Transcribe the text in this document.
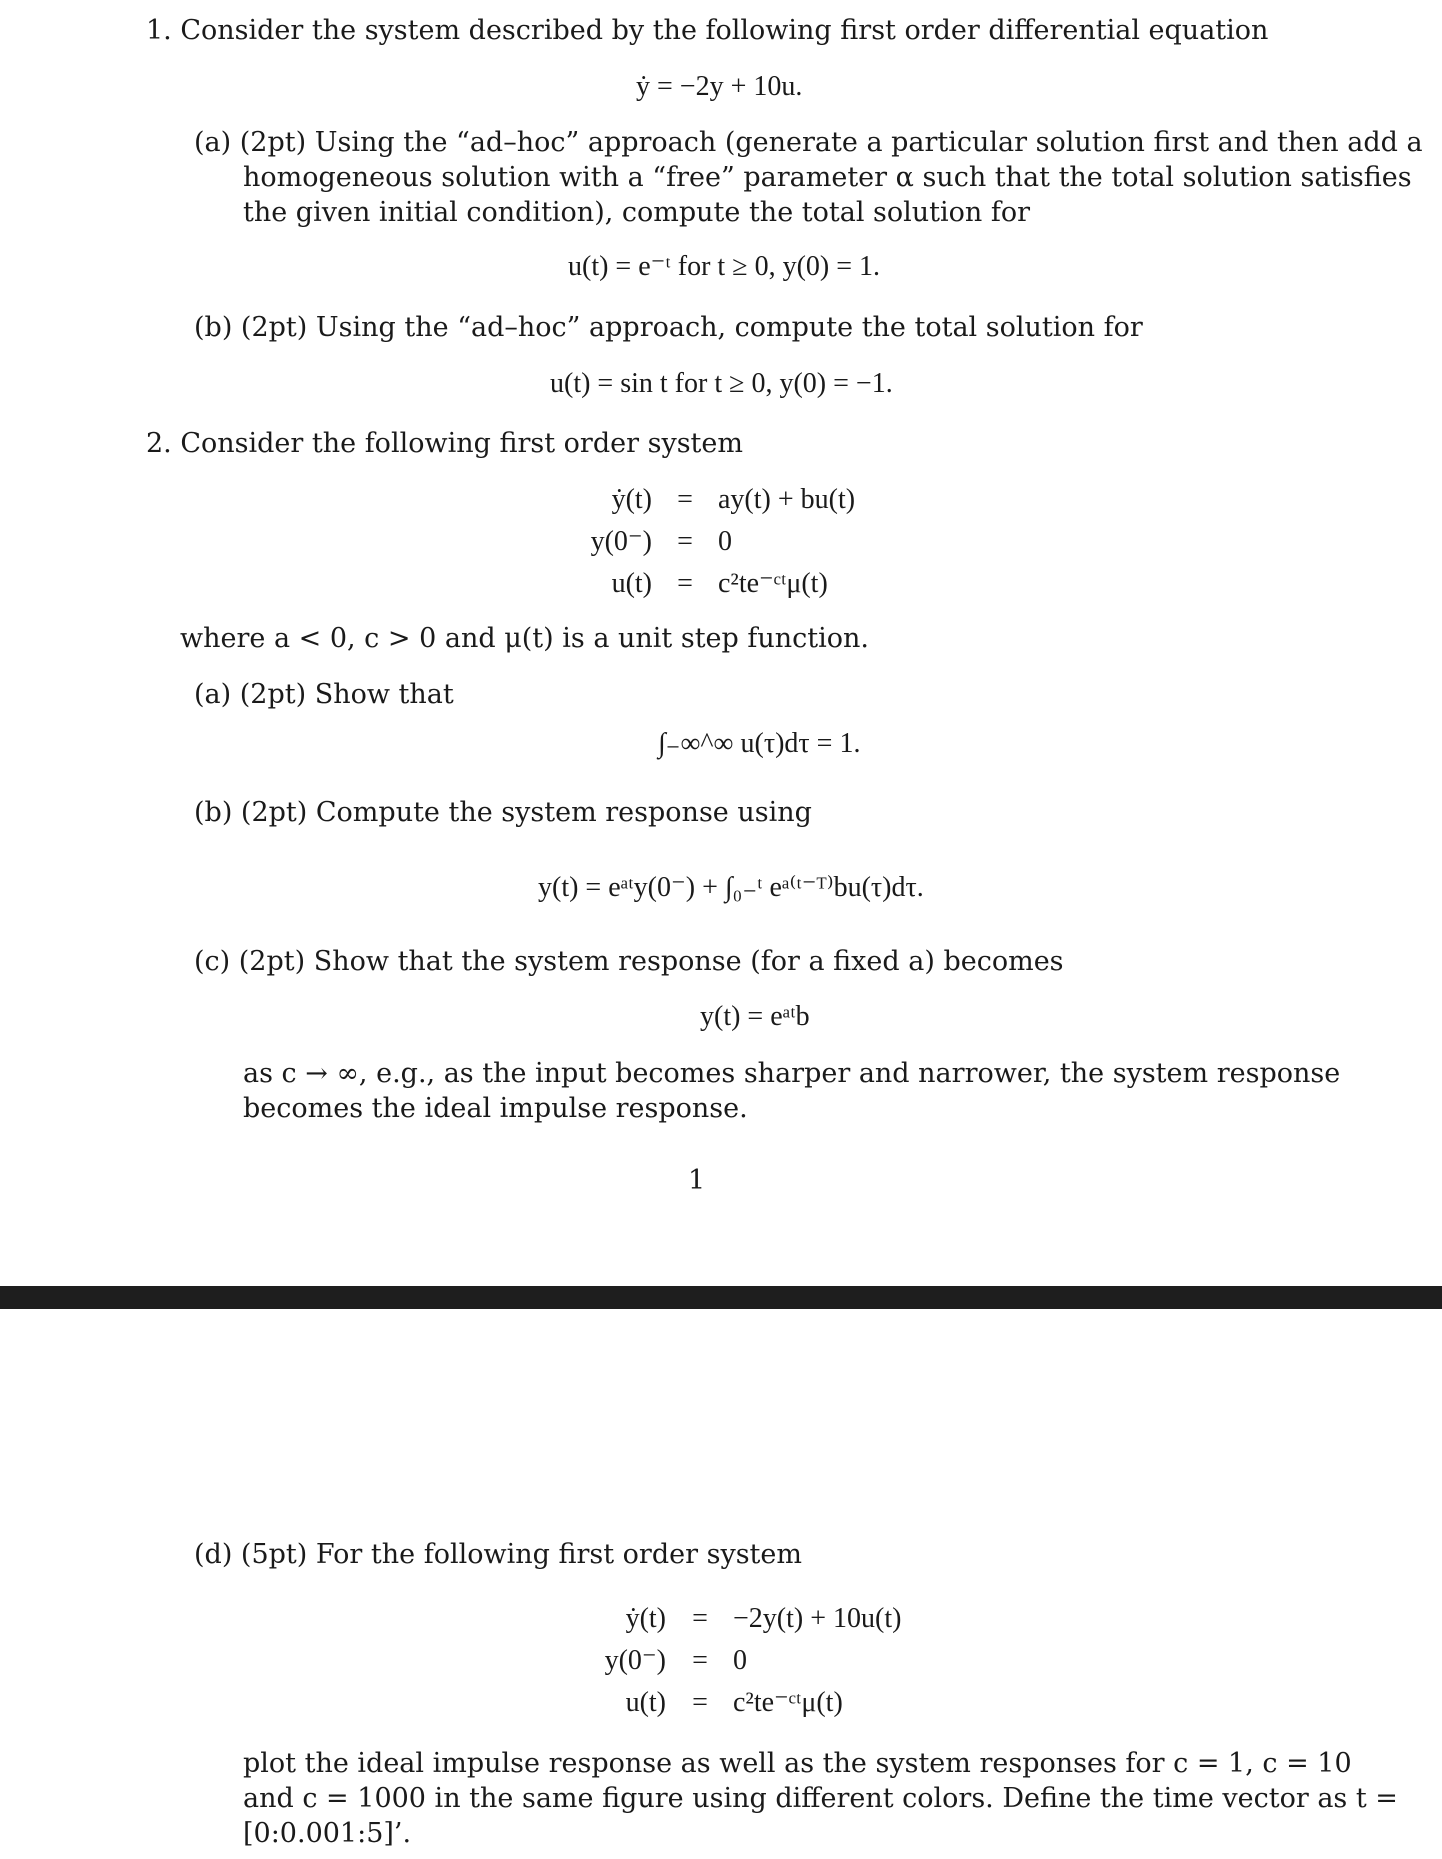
1. Consider the system described by the following first order differential equation
ẏ = −2y + 10u.
(a) (2pt) Using the “ad–hoc” approach (generate a particular solution first and then add a
homogeneous solution with a “free” parameter α such that the total solution satisfies
the given initial condition), compute the total solution for
u(t) = e⁻ᵗ for t ≥ 0, y(0) = 1.
(b) (2pt) Using the “ad–hoc” approach, compute the total solution for
u(t) = sin t for t ≥ 0, y(0) = −1.
2. Consider the following first order system
ẏ(t) = ay(t) + bu(t)
y(0⁻) = 0
u(t) = c²te⁻ᶜᵗμ(t)
where a < 0, c > 0 and μ(t) is a unit step function.
(a) (2pt) Show that
∫₋∞^∞ u(τ)dτ = 1.
(b) (2pt) Compute the system response using
y(t) = eᵃᵗy(0⁻) + ∫₀₋ᵗ eᵃ⁽ᵗ⁻ᵀ⁾bu(τ)dτ.
(c) (2pt) Show that the system response (for a fixed a) becomes
y(t) = eᵃᵗb
as c → ∞, e.g., as the input becomes sharper and narrower, the system response
becomes the ideal impulse response.
1
(d) (5pt) For the following first order system
ẏ(t) = −2y(t) + 10u(t)
y(0⁻) = 0
u(t) = c²te⁻ᶜᵗμ(t)
plot the ideal impulse response as well as the system responses for c = 1, c = 10
and c = 1000 in the same figure using different colors. Define the time vector as t =
[0:0.001:5]’.
